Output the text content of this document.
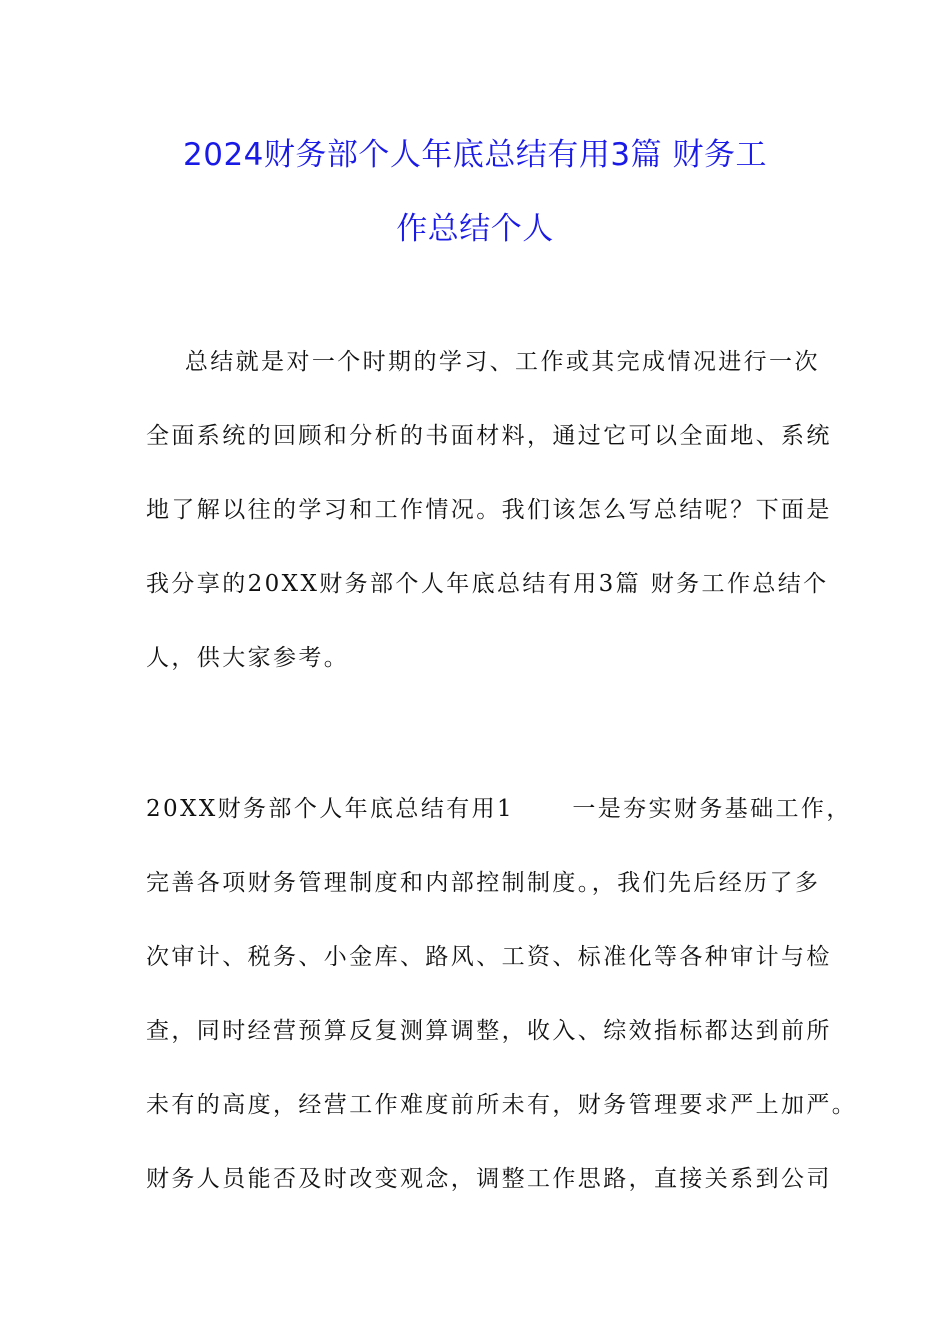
2024财务部个人年底总结有用3篇 财务工
作总结个人
总结就是对一个时期的学习、工作或其完成情况进行一次
全面系统的回顾和分析的书面材料，通过它可以全面地、系统
地了解以往的学习和工作情况。我们该怎么写总结呢？下面是
我分享的20XX财务部个人年底总结有用3篇 财务工作总结个
人，供大家参考。
20XX财务部个人年底总结有用1      一是夯实财务基础工作，
完善各项财务管理制度和内部控制制度。，我们先后经历了多
次审计、税务、小金库、路风、工资、标准化等各种审计与检
查，同时经营预算反复测算调整，收入、综效指标都达到前所
未有的高度，经营工作难度前所未有，财务管理要求严上加严。
财务人员能否及时改变观念，调整工作思路，直接关系到公司
